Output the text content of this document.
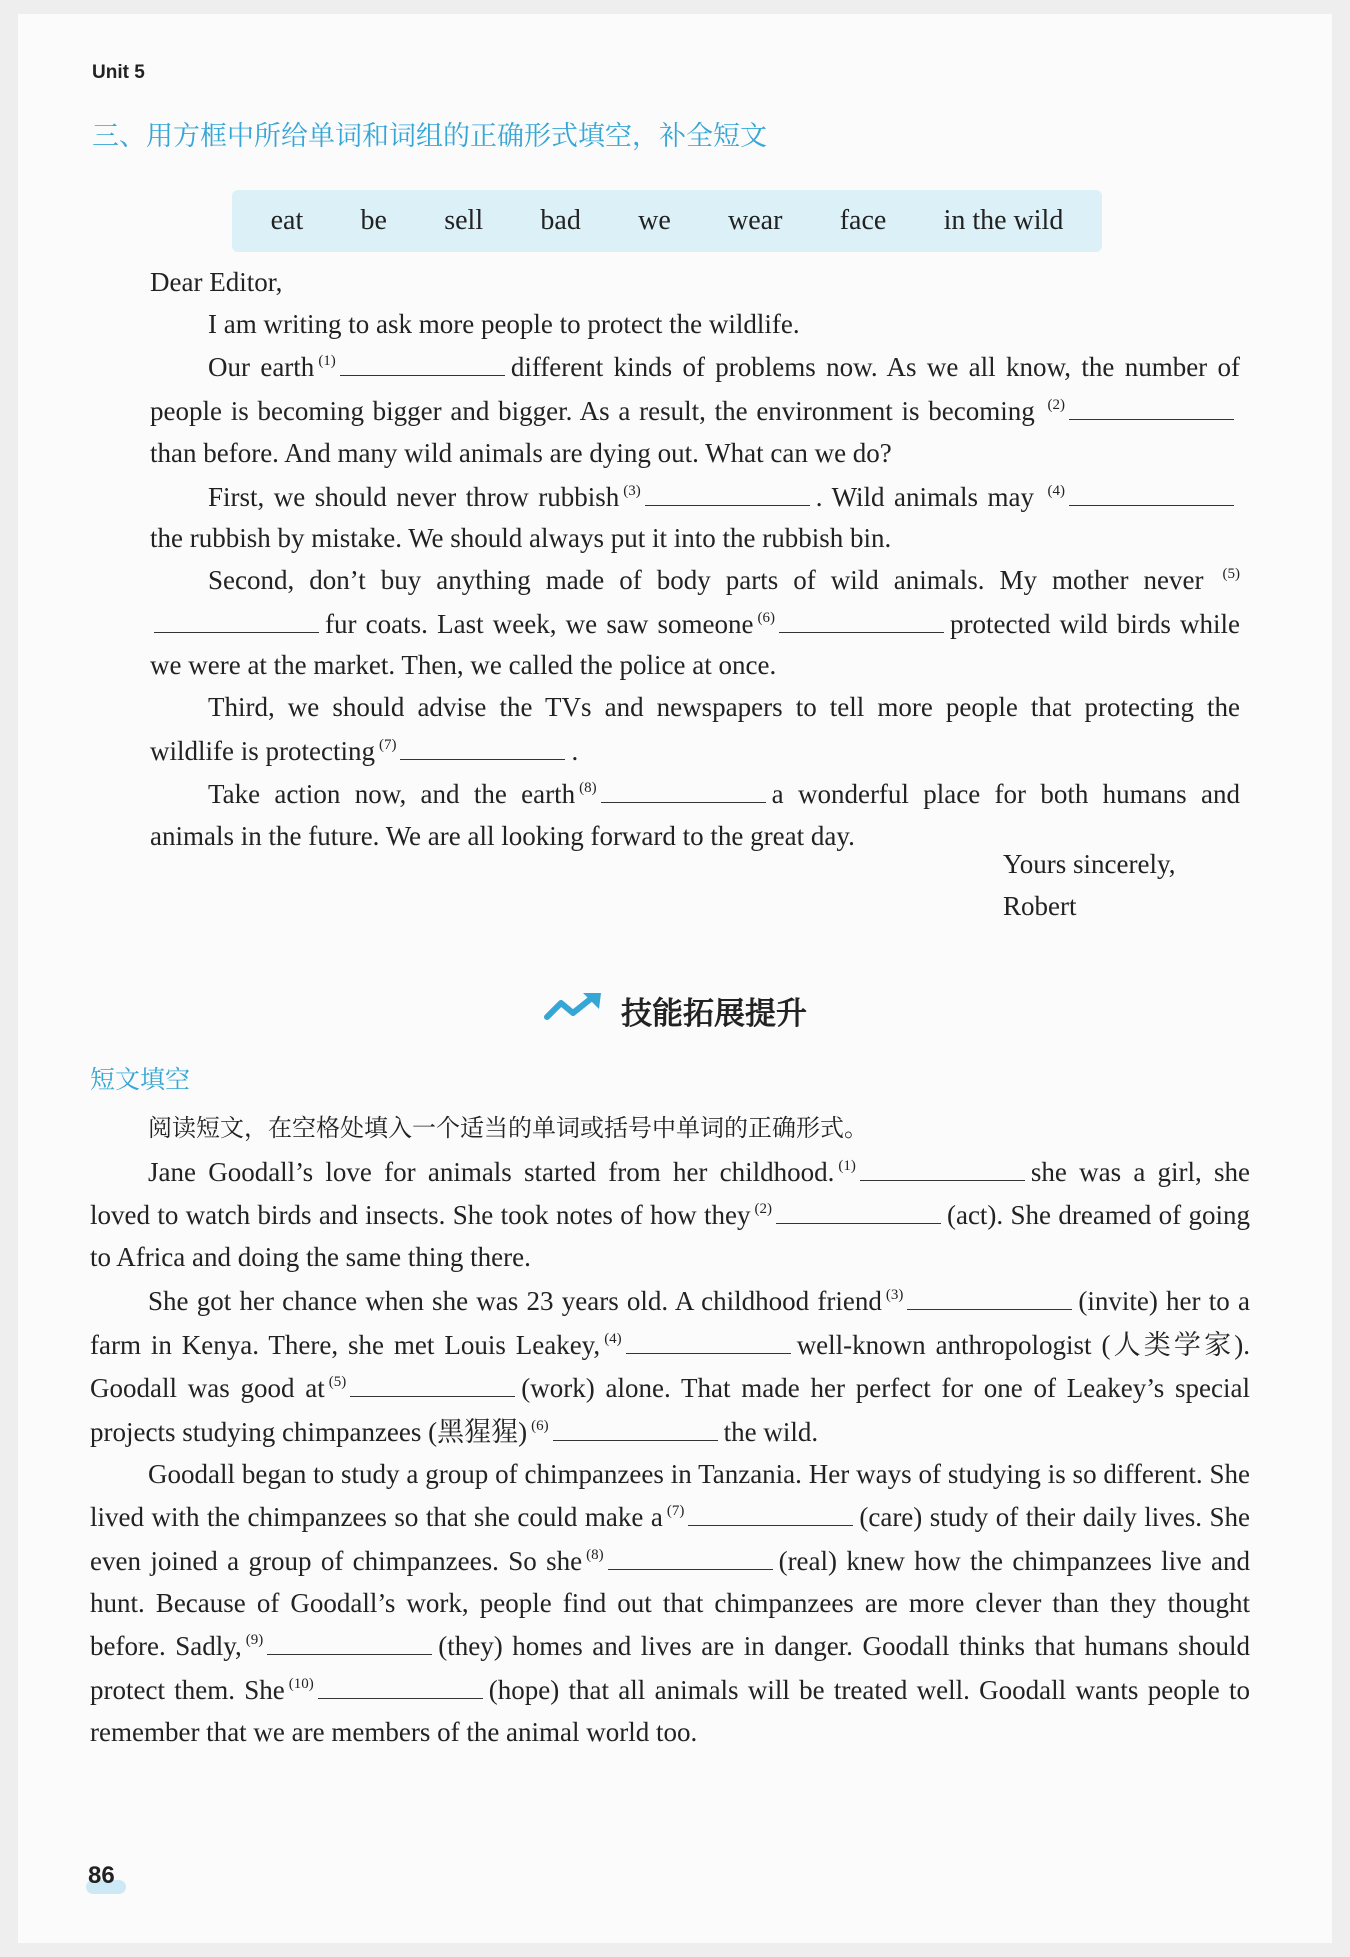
Unit 5
三、用方框中所给单词和词组的正确形式填空，补全短文
eat be sell bad we wear face in the wild

Dear Editor,

I am writing to ask more people to protect the wildlife.

Our earth $^{(1)}$	different kinds of problems now. As we all know, the number of people is becoming bigger and bigger. As a result, the environment is becoming $^{(2)}$than before. And many wild animals are dying out. What can we do?

First, we should never throw rubbish $^{(3)}$	. Wild animals may $^{(4)}$the rubbish by mistake. We should always put it into the rubbish bin.

Second, don’t buy anything made of body parts of wild animals. My mother never $^{(5)}$fur coats. Last week, we saw someone $^{(6)}$	protected wild birds while we were at the market. Then, we called the police at once.

Third, we should advise the TVs and newspapers to tell more people that protecting the wildlife is protecting $^{(7)}$	.

Take action now, and the earth $^{(8)}$	a wonderful place for both humans and animals in the future. We are all looking forward to the great day.

Yours sincerely,
Robert
技能拓展提升
短文填空

阅读短文，在空格处填入一个适当的单词或括号中单词的正确形式。

Jane Goodall’s love for animals started from her childhood. $^{(1)}$	she was a girl, she loved to watch birds and insects. She took notes of how they $^{(2)}$	(act). She dreamed of going to Africa and doing the same thing there.

She got her chance when she was 23 years old. A childhood friend $^{(3)}$	(invite) her to a farm in Kenya. There, she met Louis Leakey, $^{(4)}$	well-known anthropologist (人类学家). Goodall was good at $^{(5)}$	(work) alone. That made her perfect for one of Leakey’s special projects studying chimpanzees (黑猩猩) $^{(6)}$	the wild.

Goodall began to study a group of chimpanzees in Tanzania. Her ways of studying is so different. She lived with the chimpanzees so that she could make a $^{(7)}$	(care) study of their daily lives. She even joined a group of chimpanzees. So she $^{(8)}$	(real) knew how the chimpanzees live and hunt. Because of Goodall’s work, people find out that chimpanzees are more clever than they thought before. Sadly, $^{(9)}$	(they) homes and lives are in danger. Goodall thinks that humans should protect them. She $^{(10)}$	(hope) that all animals will be treated well. Goodall wants people to remember that we are members of the animal world too.

86
